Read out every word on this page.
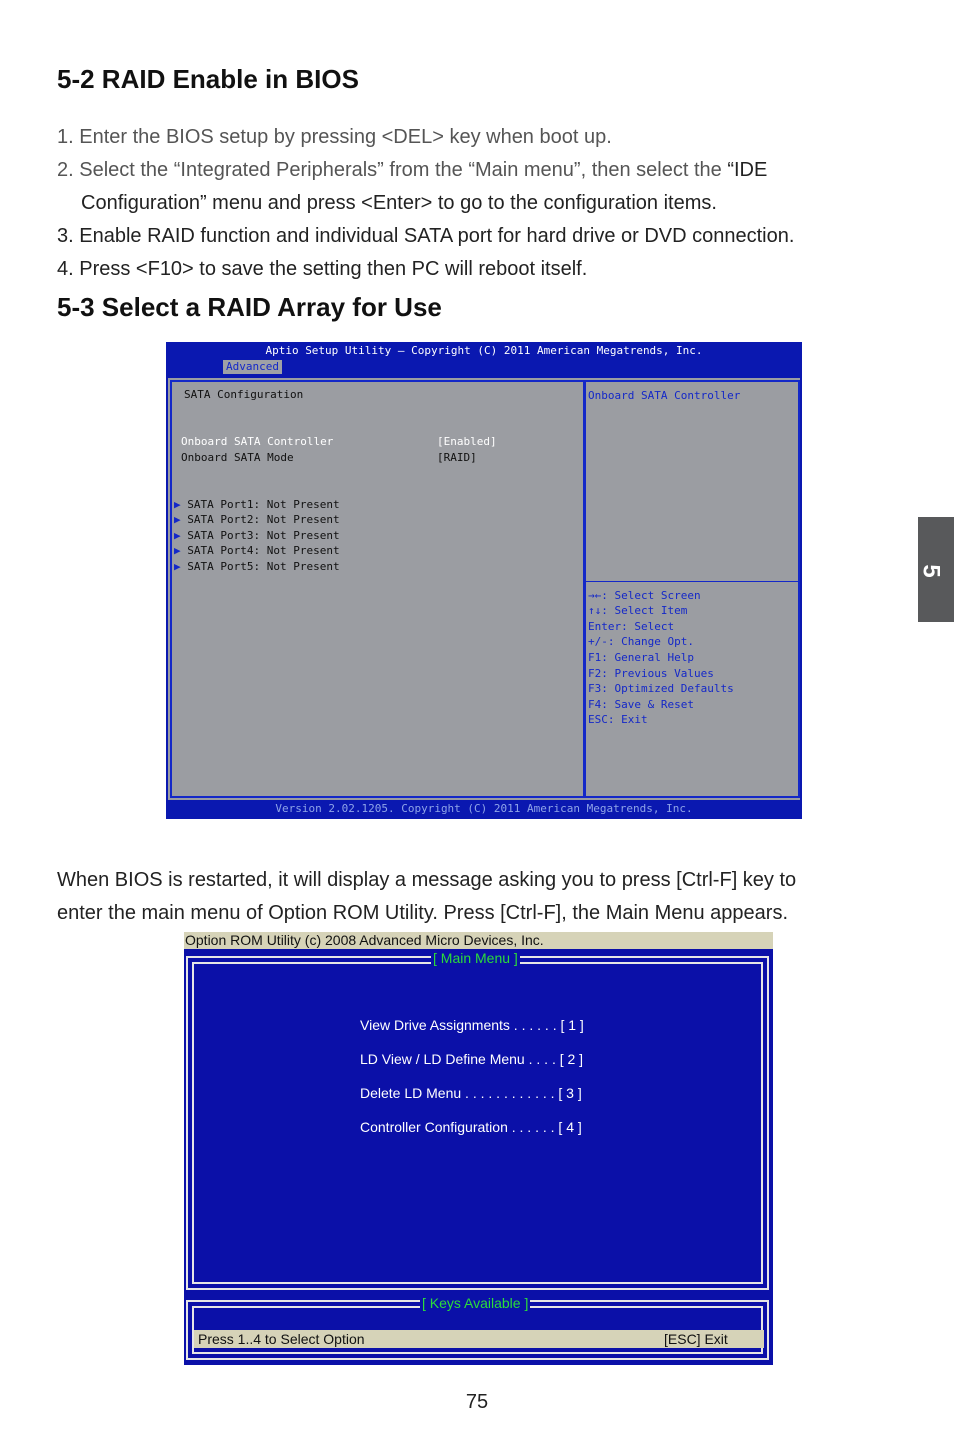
5-2 RAID Enable in BIOS
1. Enter the BIOS setup by pressing <DEL> key when boot up.
2. Select the “Integrated Peripherals” from the “Main menu”, then select the “IDE
Configuration” menu and press <Enter> to go to the configuration items.
3. Enable RAID function and individual SATA port for hard drive or DVD connection.
4. Press <F10> to save the setting then PC will reboot itself.
5-3 Select a RAID Array for Use
5
Aptio Setup Utility – Copyright (C) 2011 American Megatrends, Inc.
Advanced
SATA Configuration
Onboard SATA Controller	[Enabled]
Onboard SATA Mode	[RAID]
▶ SATA Port1: Not Present
▶ SATA Port2: Not Present
▶ SATA Port3: Not Present
▶ SATA Port4: Not Present
▶ SATA Port5: Not Present
Onboard SATA Controller
→←: Select Screen
↑↓: Select Item
Enter: Select
+/-: Change Opt.
F1: General Help
F2: Previous Values
F3: Optimized Defaults
F4: Save & Reset
ESC: Exit
Version 2.02.1205. Copyright (C) 2011 American Megatrends, Inc.
When BIOS is restarted, it will display a message asking you to press [Ctrl-F] key to
enter the main menu of Option ROM Utility. Press [Ctrl-F], the Main Menu appears.
Option ROM Utility (c) 2008 Advanced Micro Devices, Inc.
[ Main Menu ]
View Drive Assignments . . . . . . [ 1 ]
LD View / LD Define Menu . . . . [ 2 ]
Delete LD Menu . . . . . . . . . . . . [ 3 ]
Controller Configuration . . . . . . [ 4 ]
[ Keys Available ]
Press 1..4 to Select Option	[ESC] Exit
75
